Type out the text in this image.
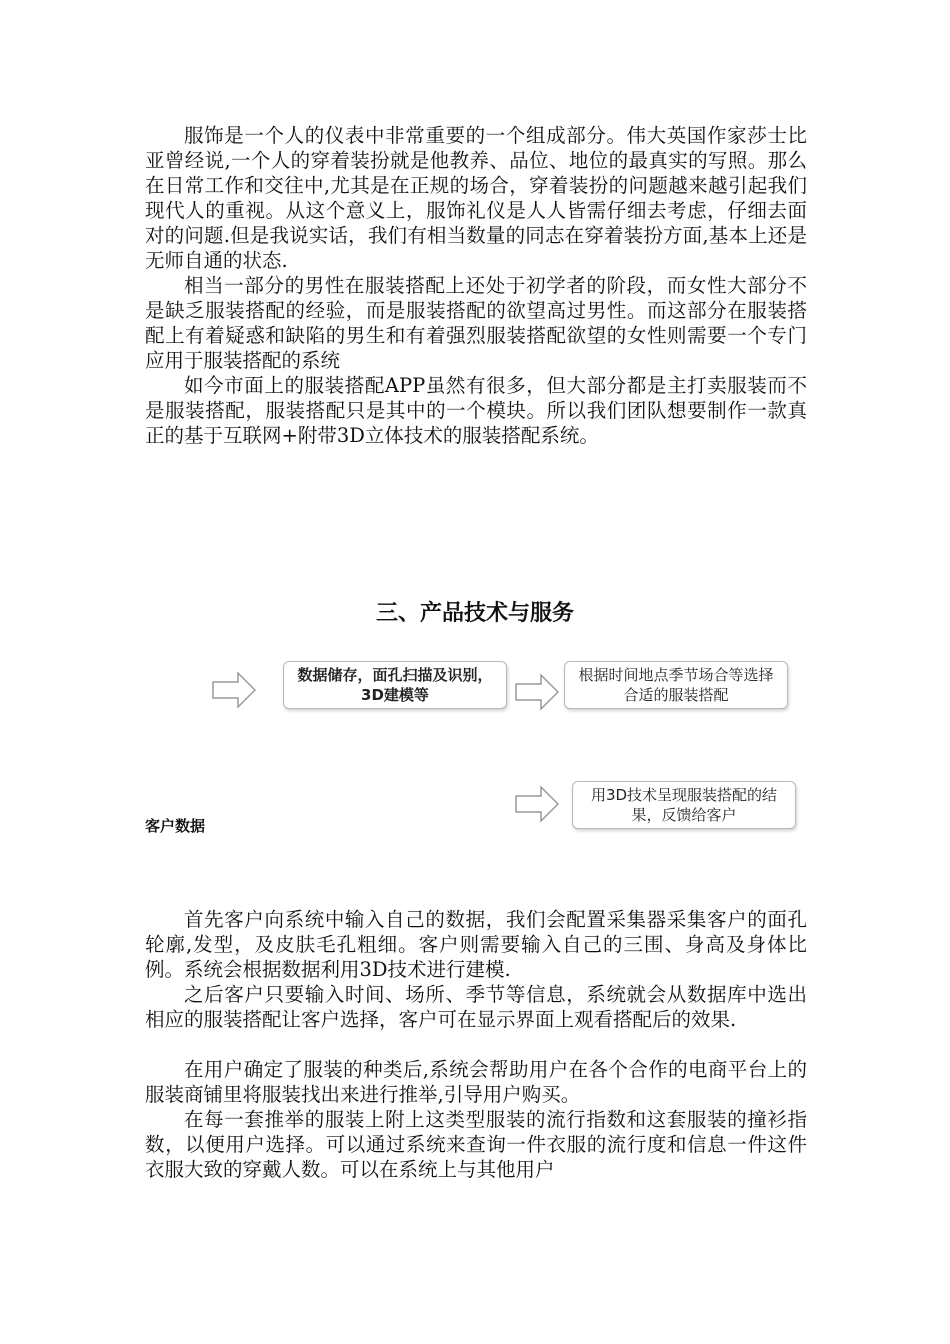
服饰是一个人的仪表中非常重要的一个组成部分。伟大英国作家莎士比亚曾经说,一个人的穿着装扮就是他教养、品位、地位的最真实的写照。那么在日常工作和交往中,尤其是在正规的场合，穿着装扮的问题越来越引起我们现代人的重视。从这个意义上，服饰礼仪是人人皆需仔细去考虑，仔细去面对的问题.但是我说实话，我们有相当数量的同志在穿着装扮方面,基本上还是无师自通的状态.

相当一部分的男性在服装搭配上还处于初学者的阶段，而女性大部分不是缺乏服装搭配的经验，而是服装搭配的欲望高过男性。而这部分在服装搭配上有着疑惑和缺陷的男生和有着强烈服装搭配欲望的女性则需要一个专门应用于服装搭配的系统

如今市面上的服装搭配APP虽然有很多，但大部分都是主打卖服装而不是服装搭配，服装搭配只是其中的一个模块。所以我们团队想要制作一款真正的基于互联网+附带3D立体技术的服装搭配系统。

三、产品技术与服务
数据储存，面孔扫描及识别，3D建模等
根据时间地点季节场合等选择合适的服装搭配
用3D技术呈现服装搭配的结果，反馈给客户
客户数据

首先客户向系统中输入自己的数据，我们会配置采集器采集客户的面孔轮廓,发型，及皮肤毛孔粗细。客户则需要输入自己的三围、身高及身体比例。系统会根据数据利用3D技术进行建模.

之后客户只要输入时间、场所、季节等信息，系统就会从数据库中选出相应的服装搭配让客户选择，客户可在显示界面上观看搭配后的效果.

在用户确定了服装的种类后,系统会帮助用户在各个合作的电商平台上的服装商铺里将服装找出来进行推举,引导用户购买。

在每一套推举的服装上附上这类型服装的流行指数和这套服装的撞衫指数，以便用户选择。可以通过系统来查询一件衣服的流行度和信息一件这件衣服大致的穿戴人数。可以在系统上与其他用户
